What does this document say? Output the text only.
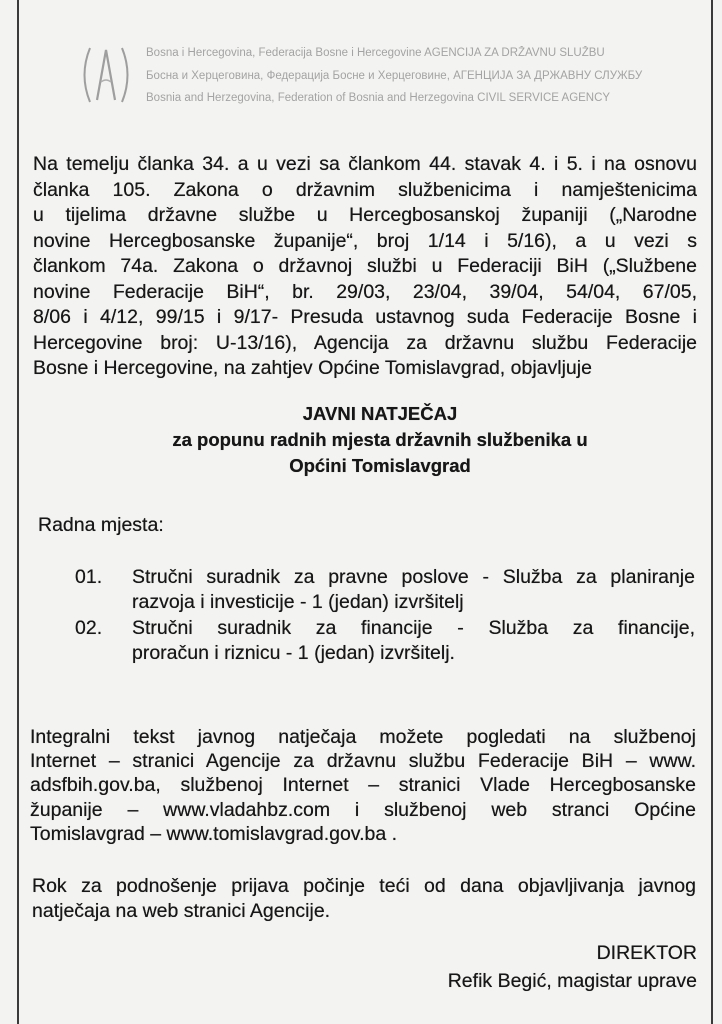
Bosna i Hercegovina, Federacija Bosne i Hercegovine AGENCIJA ZA DRŽAVNU SLUŽBU
Босна и Херцеговина, Федерација Босне и Херцеговине, АГЕНЦИЈА ЗА ДРЖАВНУ СЛУЖБУ
Bosnia and Herzegovina, Federation of Bosnia and Herzegovina CIVIL SERVICE AGENCY
Na temelju članka 34. a u vezi sa člankom 44. stavak 4. i 5. i na osnovu
članka 105. Zakona o državnim službenicima i namještenicima
u tijelima državne službe u Hercegbosanskoj županiji („Narodne
novine Hercegbosanske županije“, broj 1/14 i 5/16), a u vezi s
člankom 74a. Zakona o državnoj službi u Federaciji BiH („Službene
novine Federacije BiH“, br. 29/03, 23/04, 39/04, 54/04, 67/05,
8/06 i 4/12, 99/15 i 9/17- Presuda ustavnog suda Federacije Bosne i
Hercegovine broj: U-13/16), Agencija za državnu službu Federacije
Bosne i Hercegovine, na zahtjev Općine Tomislavgrad, objavljuje
JAVNI NATJEČAJ
za popunu radnih mjesta državnih službenika u
Općini Tomislavgrad
Radna mjesta:
01. Stručni suradnik za pravne poslove - Služba za planiranje
razvoja i investicije - 1 (jedan) izvršitelj
02. Stručni suradnik za financije - Služba za financije,
proračun i riznicu - 1 (jedan) izvršitelj.
Integralni tekst javnog natječaja možete pogledati na službenoj
Internet – stranici Agencije za državnu službu Federacije BiH – www.
adsfbih.gov.ba, službenoj Internet – stranici Vlade Hercegbosanske
županije – www.vladahbz.com i službenoj web stranci Općine
Tomislavgrad – www.tomislavgrad.gov.ba .
Rok za podnošenje prijava počinje teći od dana objavljivanja javnog
natječaja na web stranici Agencije.
DIREKTOR
Refik Begić, magistar uprave
